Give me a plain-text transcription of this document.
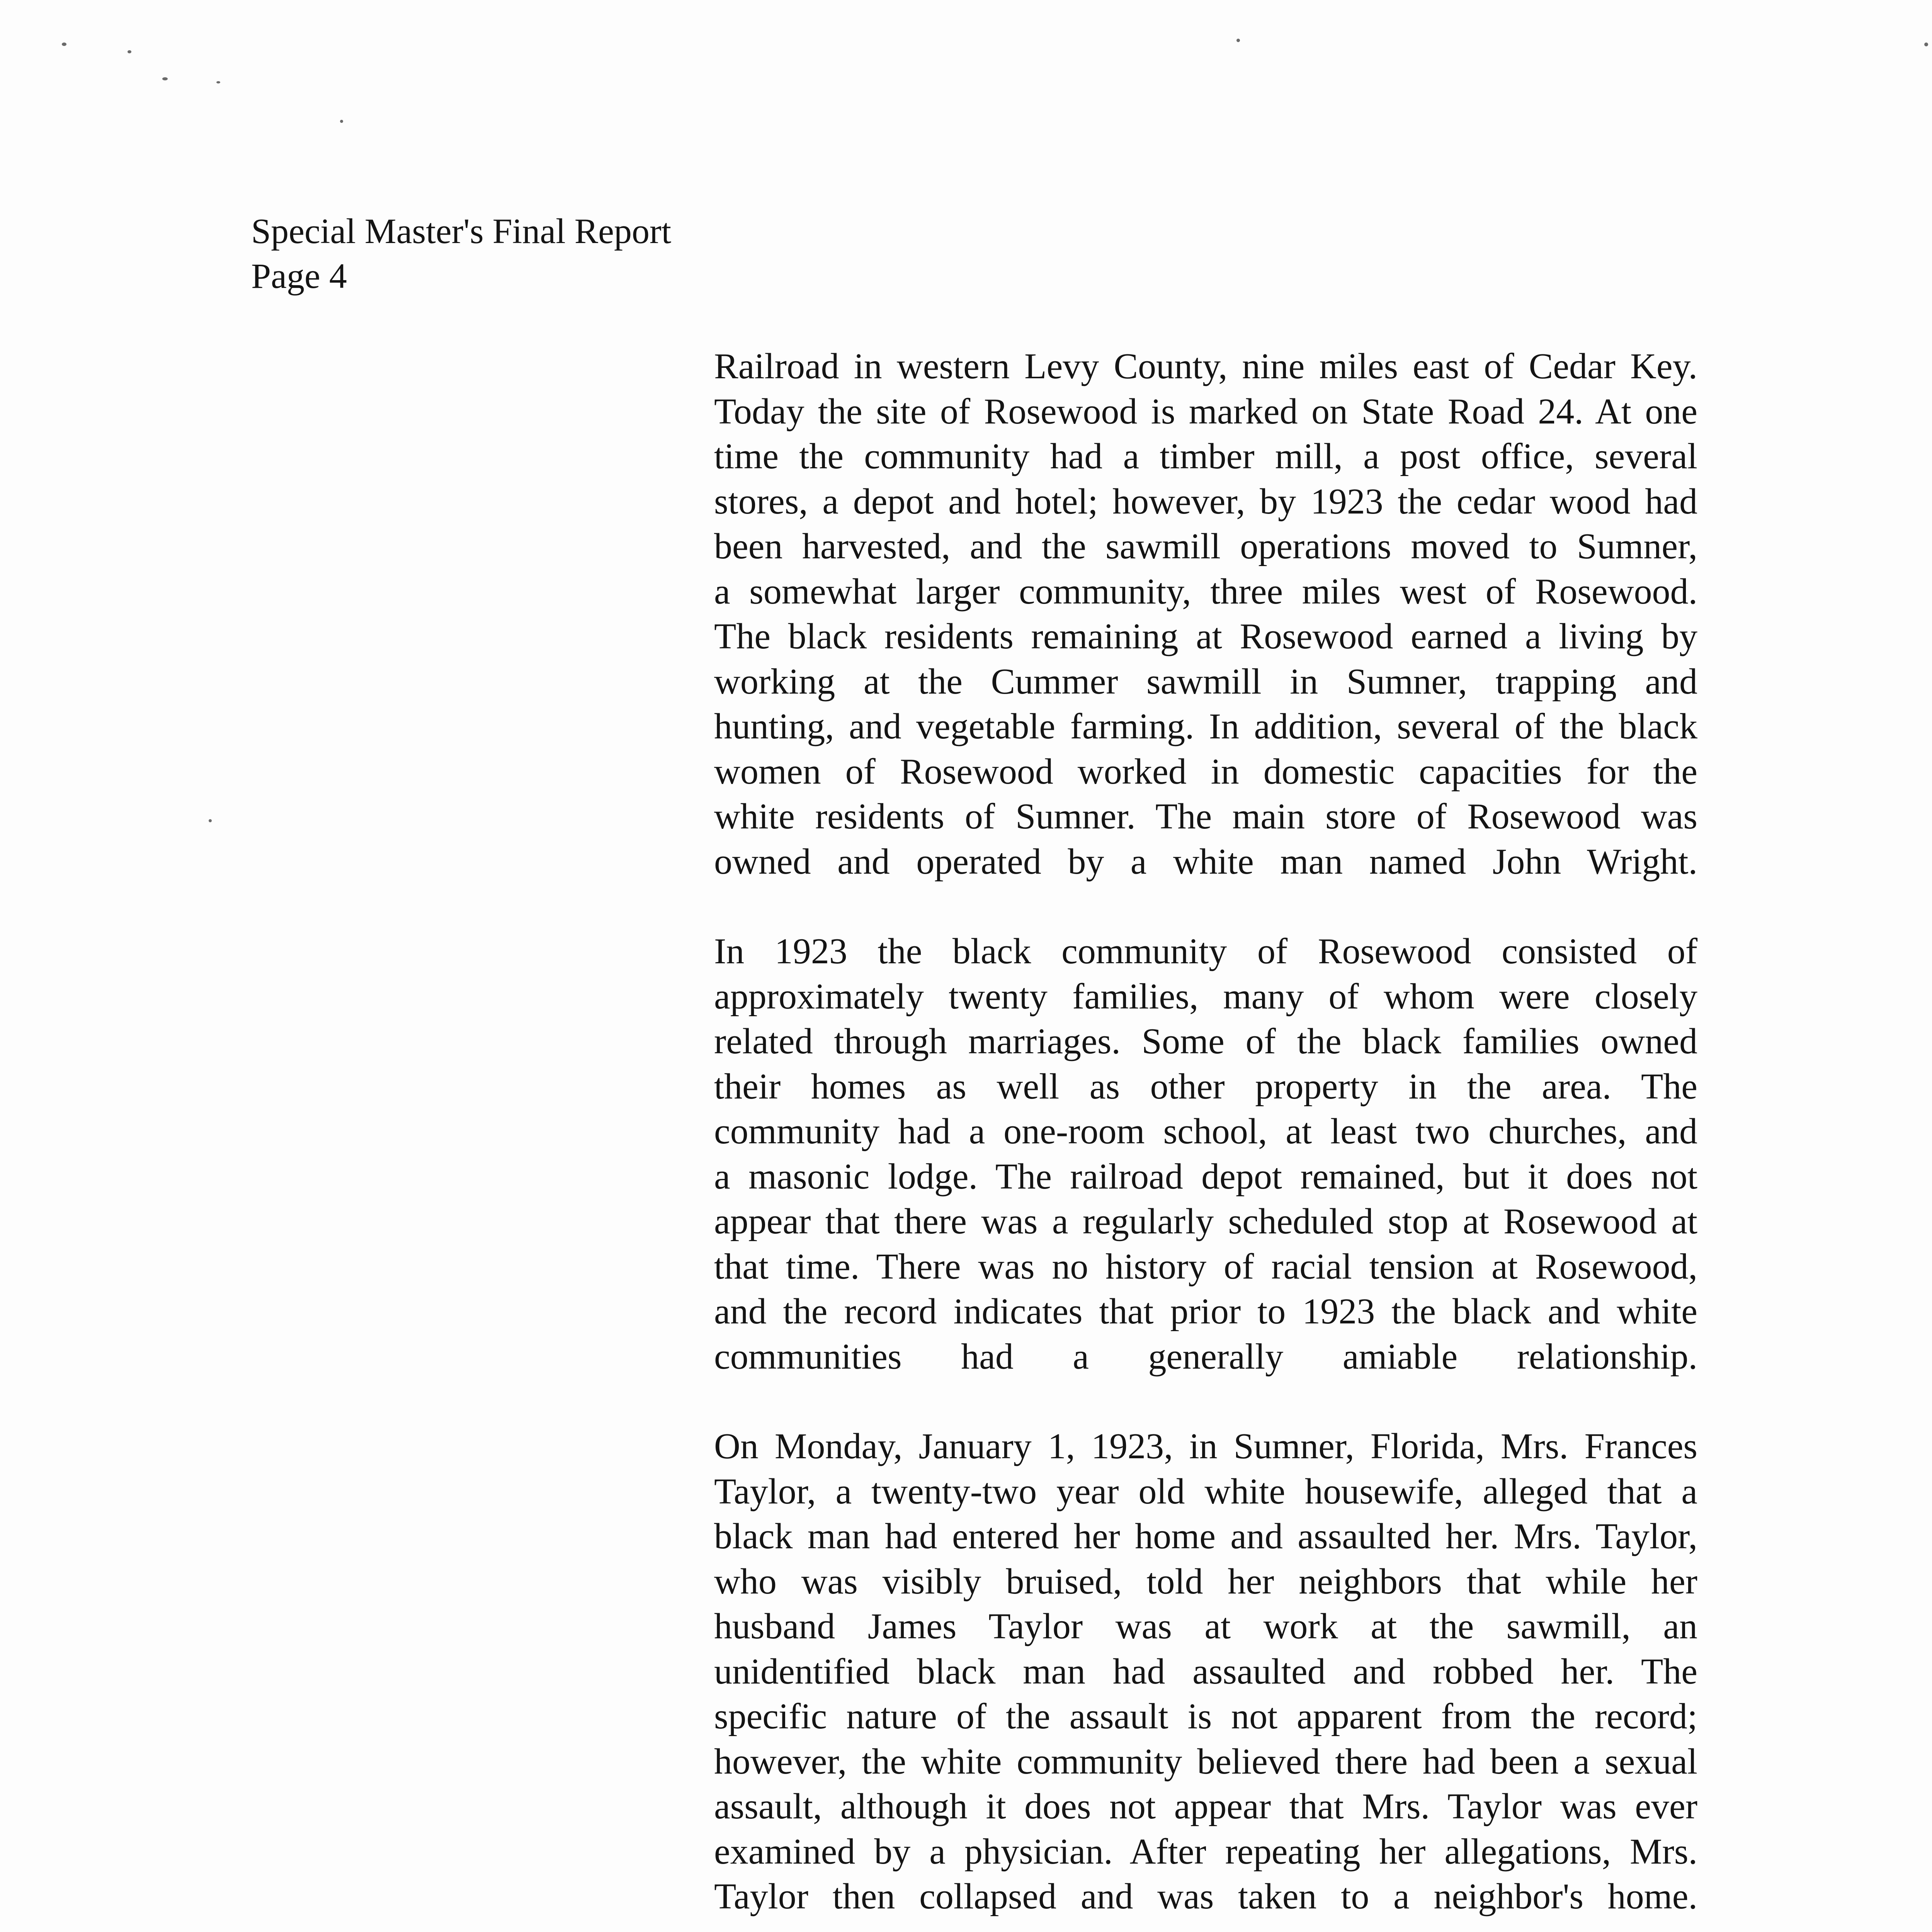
Special Master's Final Report
Page 4
Railroad in western Levy County, nine miles east of Cedar Key.
Today the site of Rosewood is marked on State Road 24. At one
time the community had a timber mill, a post office, several
stores, a depot and hotel; however, by 1923 the cedar wood had
been harvested, and the sawmill operations moved to Sumner,
a somewhat larger community, three miles west of Rosewood.
The black residents remaining at Rosewood earned a living by
working at the Cummer sawmill in Sumner, trapping and
hunting, and vegetable farming. In addition, several of the black
women of Rosewood worked in domestic capacities for the
white residents of Sumner. The main store of Rosewood was
owned and operated by a white man named John Wright.
In 1923 the black community of Rosewood consisted of
approximately twenty families, many of whom were closely
related through marriages. Some of the black families owned
their homes as well as other property in the area. The
community had a one-room school, at least two churches, and
a masonic lodge. The railroad depot remained, but it does not
appear that there was a regularly scheduled stop at Rosewood at
that time. There was no history of racial tension at Rosewood,
and the record indicates that prior to 1923 the black and white
communities had a generally amiable relationship.
On Monday, January 1, 1923, in Sumner, Florida, Mrs. Frances
Taylor, a twenty-two year old white housewife, alleged that a
black man had entered her home and assaulted her. Mrs. Taylor,
who was visibly bruised, told her neighbors that while her
husband James Taylor was at work at the sawmill, an
unidentified black man had assaulted and robbed her. The
specific nature of the assault is not apparent from the record;
however, the white community believed there had been a sexual
assault, although it does not appear that Mrs. Taylor was ever
examined by a physician. After repeating her allegations, Mrs.
Taylor then collapsed and was taken to a neighbor's home.
